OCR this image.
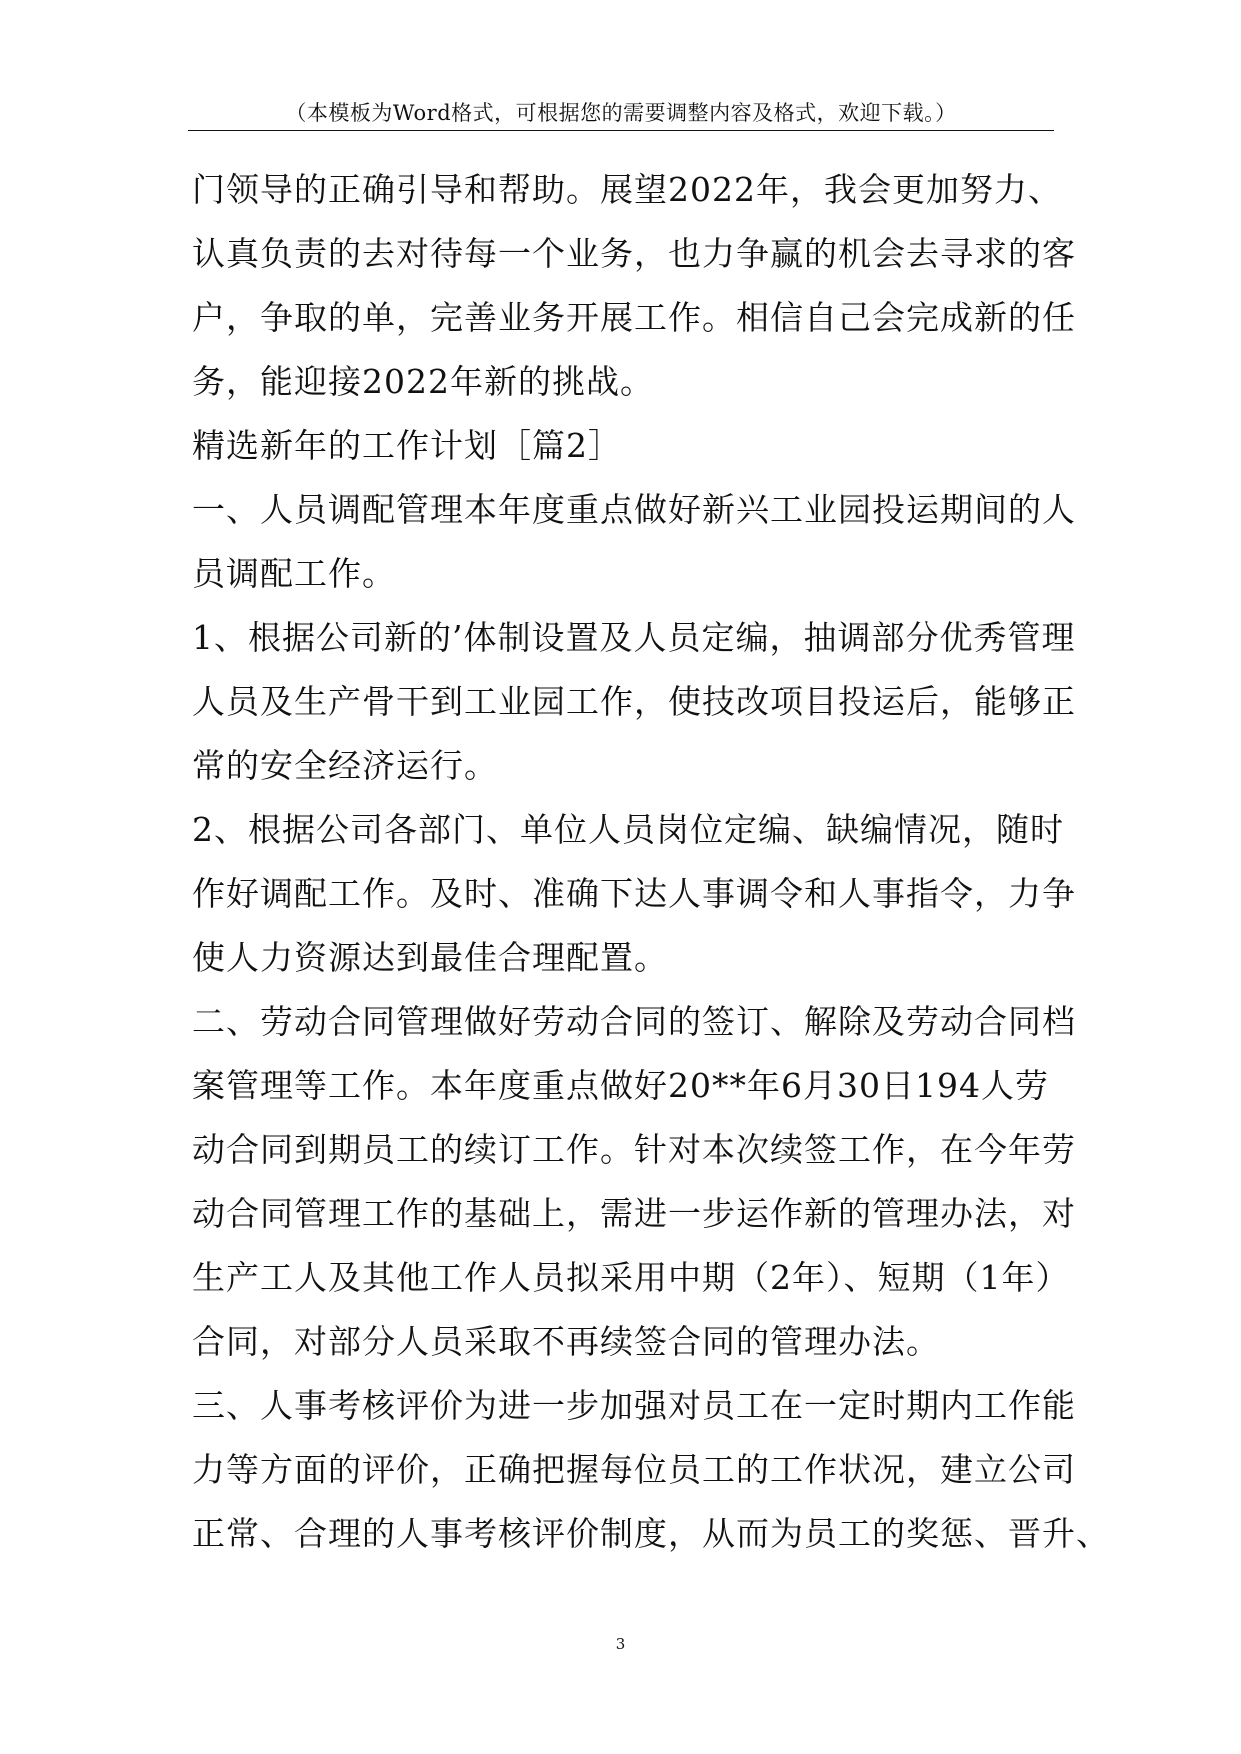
（本模板为Word格式，可根据您的需要调整内容及格式，欢迎下载。）
门领导的正确引导和帮助。展望2022年，我会更加努力、
认真负责的去对待每一个业务，也力争赢的机会去寻求的客
户，争取的单，完善业务开展工作。相信自己会完成新的任
务，能迎接2022年新的挑战。
精选新年的工作计划［篇2］
一、人员调配管理本年度重点做好新兴工业园投运期间的人
员调配工作。
1、根据公司新的’体制设置及人员定编，抽调部分优秀管理
人员及生产骨干到工业园工作，使技改项目投运后，能够正
常的安全经济运行。
2、根据公司各部门、单位人员岗位定编、缺编情况，随时
作好调配工作。及时、准确下达人事调令和人事指令，力争
使人力资源达到最佳合理配置。
二、劳动合同管理做好劳动合同的签订、解除及劳动合同档
案管理等工作。本年度重点做好20**年6月30日194人劳
动合同到期员工的续订工作。针对本次续签工作，在今年劳
动合同管理工作的基础上，需进一步运作新的管理办法，对
生产工人及其他工作人员拟采用中期（2年）、短期（1年）
合同，对部分人员采取不再续签合同的管理办法。
三、人事考核评价为进一步加强对员工在一定时期内工作能
力等方面的评价，正确把握每位员工的工作状况，建立公司
正常、合理的人事考核评价制度，从而为员工的奖惩、晋升、
3
